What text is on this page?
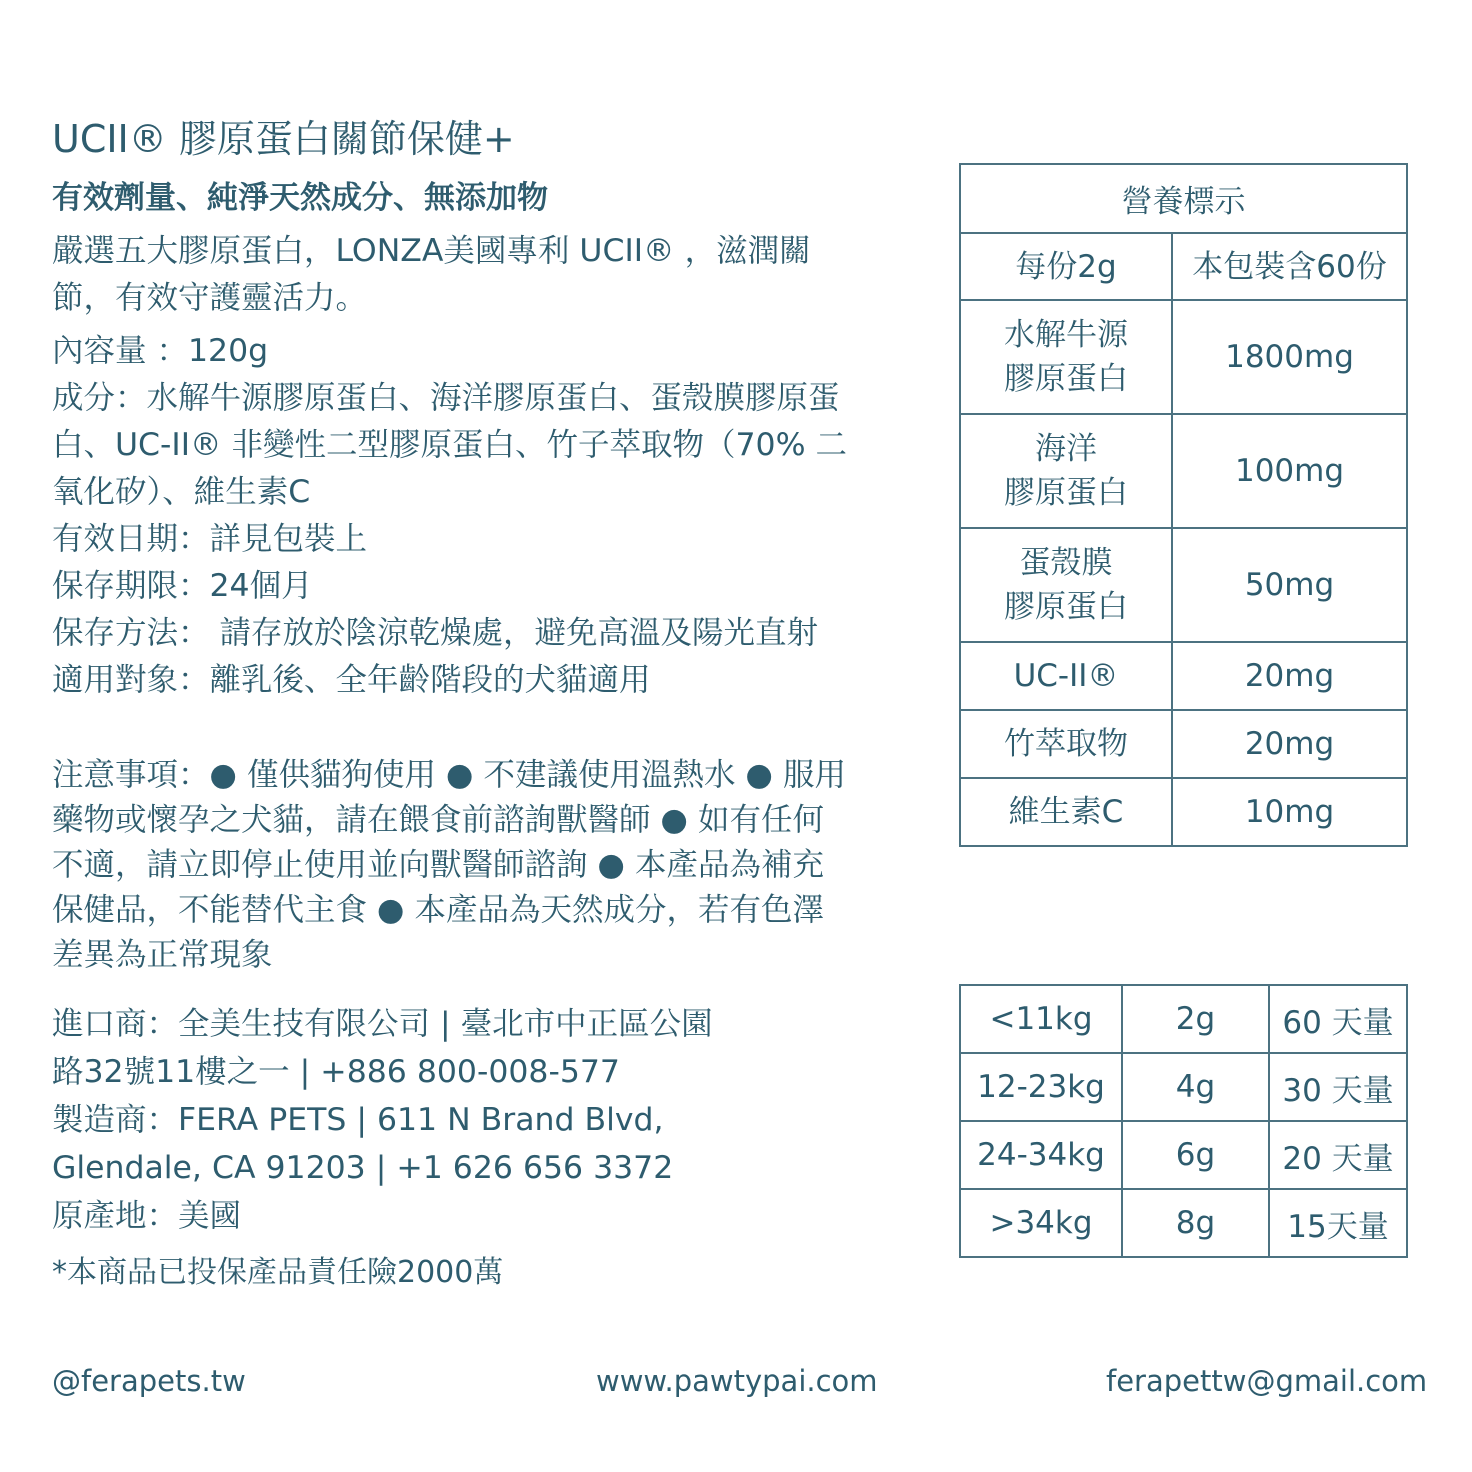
UCII® 膠原蛋白關節保健+
有效劑量、純淨天然成分、無添加物
嚴選五大膠原蛋白，LONZA美國專利 UCII® ，滋潤關
節，有效守護靈活力。
內容量 ：120g
成分：水解牛源膠原蛋白、海洋膠原蛋白、蛋殼膜膠原蛋
白、UC-II® 非變性二型膠原蛋白、竹子萃取物（70% 二
氧化矽）、維生素C
有效日期：詳見包裝上
保存期限：24個月
保存方法： 請存放於陰涼乾燥處，避免高溫及陽光直射
適用對象：離乳後、全年齡階段的犬貓適用
注意事項：● 僅供貓狗使用 ● 不建議使用溫熱水 ● 服用
藥物或懷孕之犬貓，請在餵食前諮詢獸醫師 ● 如有任何
不適，請立即停止使用並向獸醫師諮詢 ● 本產品為補充
保健品，不能替代主食 ● 本產品為天然成分，若有色澤
差異為正常現象
進口商：全美生技有限公司 | 臺北市中正區公園
路32號11樓之一 | +886 800-008-577
製造商：FERA PETS | 611 N Brand Blvd,
Glendale, CA 91203 | +1 626 656 3372
原產地：美國
*本商品已投保產品責任險2000萬
營養標示	
每份2g	本包裝含60份

水解牛源
膠原蛋白	1800mg

海洋
膠原蛋白	100mg

蛋殼膜
膠原蛋白	50mg
UC-II®	20mg
竹萃取物	20mg
維生素C	10mg
<11kg	2g	60 天量
12-23kg	4g	30 天量
24-34kg	6g	20 天量
>34kg	8g	15天量
@ferapets.tw	www.pawtypai.com	ferapettw@gmail.com
